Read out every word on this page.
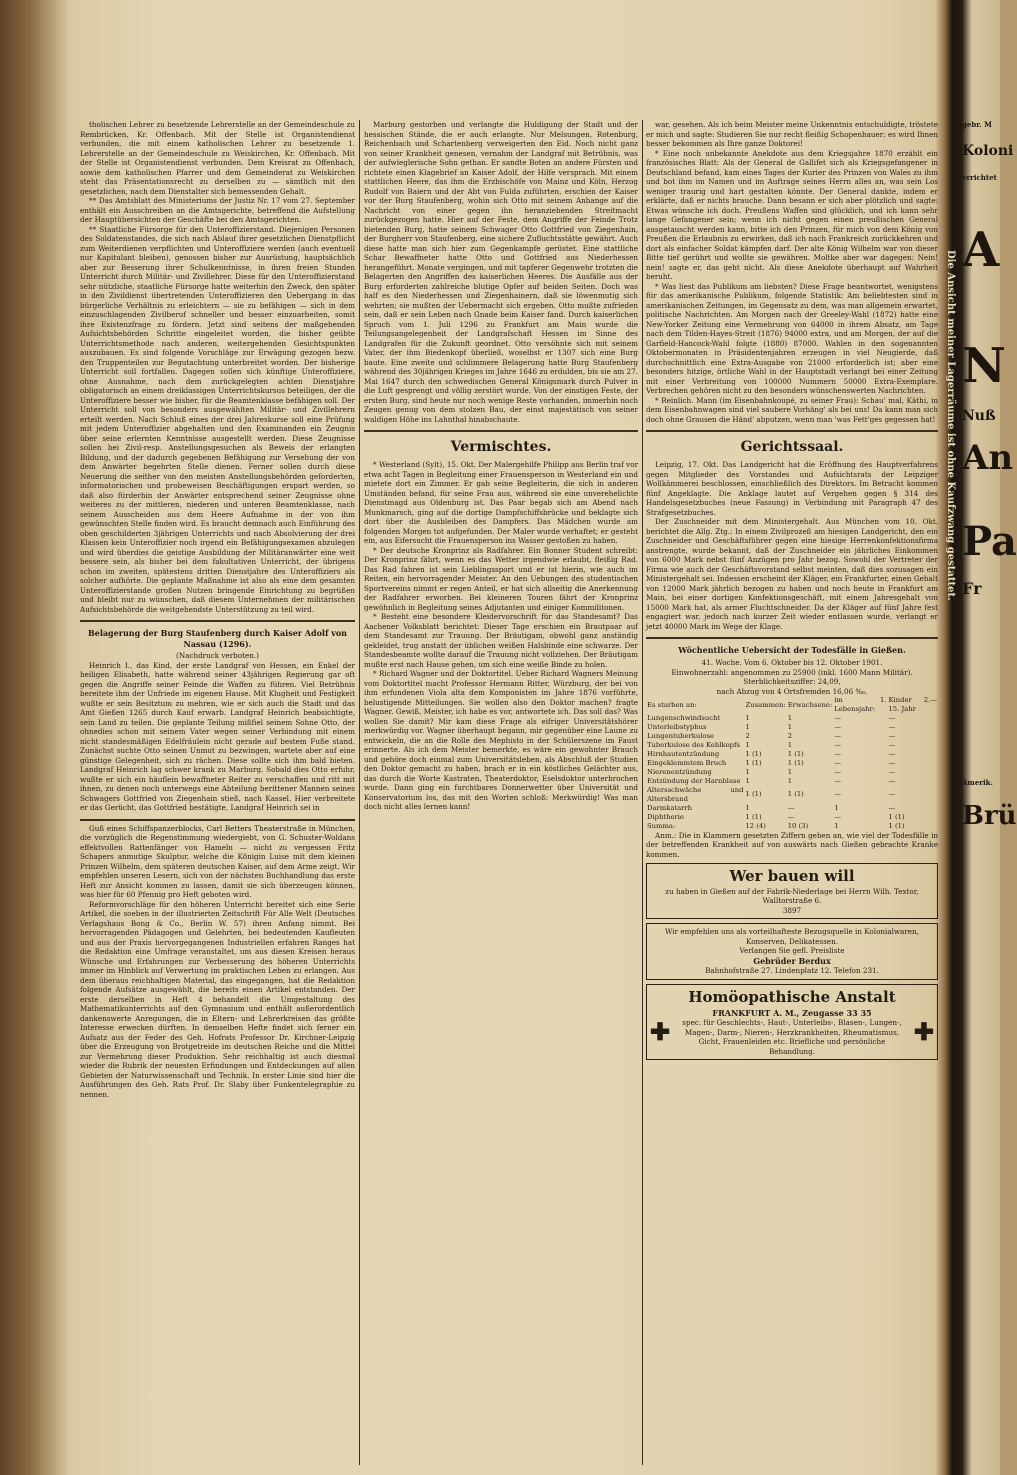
tholischen Lehrer zu besetzende Lehrerstelle an der Gemeindeschule zu Rembrücken, Kr. Offenbach. Mit der Stelle ist Organistendienst verbunden, die mit einem katholischen Lehrer zu besetzende 1. Lehrerstelle an der Gemeindeschule zu Weiskirchen, Kr. Offenbach. Mit der Stelle ist Organistendienst verbunden. Dem Kreisrat zu Offenbach, sowie dem katholischen Pfarrer und dem Gemeinderat zu Weiskirchen steht das Präsentationsrecht zu derselben zu — sämtlich mit den gesetzlichen, nach dem Dienstalter sich bemessenden Gehalt.

** Das Amtsblatt des Ministeriums der Justiz Nr. 17 vom 27. September enthält ein Ausschreiben an die Amtsgerichte, betreffend die Aufstellung der Hauptübersichten der Geschäfte bei den Amtsgerichten.

** Staatliche Fürsorge für den Unteroffizierstand. Diejenigen Personen des Soldatenstandes, die sich nach Ablauf ihrer gesetzlichen Dienstpflicht zum Weiterdienen verpflichten und Unteroffiziere werden (auch eventuell nur Kapitulant bleiben), genossen bisher zur Ausrüstung, hauptsächlich aber zur Besserung ihrer Schulkenntnisse, in ihren freien Stunden Unterricht durch Militär- und Zivillehrer. Diese für den Unteroffizierstand sehr nützliche, staatliche Fürsorge hatte weiterhin den Zweck, den später in den Zivildienst übertretenden Unteroffizieren den Uebergang in das bürgerliche Verhältnis zu erleichtern — sie zu befähigen — sich in dem einzuschlagenden Zivilberuf schneller und besser einzuarbeiten, somit ihre Existenzfrage zu fördern. Jetzt sind seitens der maßgebenden Aufsichtsbehörden Schritte eingeleitet worden, die bisher geübte Unterrichtsmethode nach anderen, weitergehenden Gesichtspunkten auszubauen. Es sind folgende Vorschläge zur Erwägung gezogen bezw. den Truppenteilen zur Begutachtung unterbreitet worden. Der bisherige Unterricht soll fortfallen. Dagegen sollen sich künftige Unteroffiziere, ohne Ausnahme, nach dem zurückgelegten achten Dienstjahre obligatorisch an einem dreiklassigen Unterrichtskursus beteiligen, der die Unteroffiziere besser wie bisher, für die Beamtenklasse befähigen soll. Der Unterricht soll von besonders ausgewählten Militär- und Zivillehrern erteilt werden. Nach Schluß eines der drei Jahreskurse soll eine Prüfung mit jedem Unteroffizier abgehalten und den Examinanden ein Zeugnis über seine erlernten Kenntnisse ausgestellt werden. Diese Zeugnisse sollen bei Zivil-resp. Anstellungsgesuchen als Beweis der erlangten Bildung, und der dadurch gegebenen Befähigung zur Versehung der von dem Anwärter begehrten Stelle dienen. Ferner sollen durch diese Neuerung die seither von den meisten Anstellungsbehörden geforderten, informatorischen und probeweisen Beschäftigungen erspart werden, so daß also fürderhin der Anwärter entsprechend seiner Zeugnisse ohne weiteres zu der mittleren, niederen und unteren Beamtenklasse, nach seinem Ausscheiden aus dem Heere Aufnahme in der von ihm gewünschten Stelle finden wird. Es braucht demnach auch Einführung des oben geschilderten 3jährigen Unterrichts und nach Absolvierung der drei Klassen kein Unteroffizier noch irgend ein Befähigungsexamen abzulegen und wird überdies die geistige Ausbildung der Militäranwärter eine weit bessere sein, als bisher bei dem fakultativen Unterricht, der übrigens schon im zweiten, spätestens dritten Dienstjahre des Unteroffiziers als solcher aufhörte. Die geplante Maßnahme ist also als eine dem gesamten Unteroffizierstande großen Nutzen bringende Einrichtung zu begrüßen und bleibt nur zu wünschen, daß diesem Unternehmen der militärischen Aufsichtsbehörde die weitgehendste Unterstützung zu teil wird.

Belagerung der Burg Staufenberg durch Kaiser Adolf von Nassau (1296).

(Nachdruck verboten.)

Heinrich I., das Kind, der erste Landgraf von Hessen, ein Enkel der heiligen Elisabeth, hatte während seiner 43jährigen Regierung gar oft gegen die Angriffe seiner Feinde die Waffen zu führen. Viel Betrübnis bereitete ihm der Unfriede im eigenen Hause. Mit Klugheit und Festigkeit wußte er sein Besitztum zu mehren, wie er sich auch die Stadt und das Amt Gießen 1265 durch Kauf erwarb. Landgraf Heinrich beabsichtigte, sein Land zu teilen. Die geplante Teilung mißfiel seinem Sohne Otto, der ohnedies schon mit seinem Vater wegen seiner Verbindung mit einem nicht standesmäßigen Edelfräulein nicht gerade auf bestem Fuße stand. Zunächst suchte Otto seinen Unmut zu bezwingen, wartete aber auf eine günstige Gelegenheit, sich zu rächen. Diese sollte sich ihm bald bieten. Landgraf Heinrich lag schwer krank zu Marburg. Sobald dies Otto erfuhr, wußte er sich ein häuflein bewaffneter Reiter zu verschaffen und ritt mit ihnen, zu denen noch unterwegs eine Abteilung berittener Mannen seines Schwagers Gottfried von Ziegenhain stieß, nach Kassel. Hier verbreitete er das Gerücht, das Gottfried bestätigte, Landgraf Heinrich sei in

Guß eines Schiffspanzerblocks, Carl Betters Theaterstraße in München, die vorzüglich die Regenstimmung wiedergiebt, von G. Schuster-Woldans effektvollen Rattenfänger von Hameln — nicht zu vergessen Fritz Schapers anmutige Skulptur, welche die Königin Luise mit dem kleinen Prinzen Wilhelm, dem späteren deutschen Kaiser, auf dem Arme zeigt. Wir empfehlen unseren Lesern, sich von der nächsten Buchhandlung das erste Heft zur Ansicht kommen zu lassen, damit sie sich überzeugen können, was hier für 60 Pfennig pro Heft geboten wird.

Reformvorschläge für den höheren Unterricht bereitet sich eine Serie Artikel, die soeben in der illustrierten Zeitschrift Für Alle Welt (Deutsches Verlagshaus Bong & Co., Berlin W. 57) ihren Anfang nimmt. Bei hervorragenden Pädagogen und Gelehrten, bei bedeutenden Kaufleuten und aus der Praxis hervorgegangenen Industriellen erfahren Ranges hat die Redaktion eine Umfrage veranstaltet, um aus diesen Kreisen heraus Wünsche und Erfahrungen zur Verbesserung des höheren Unterrichts immer im Hinblick auf Verwertung im praktischen Leben zu erlangen. Aus dem überaus reichhaltigen Material, das eingegangen, hat die Redaktion folgende Aufsätze ausgewählt, die bereits einen Artikel entstanden. Der erste derselben in Heft 4 behandelt die Umgestaltung des Mathematikunterrichts auf den Gymnasium und enthält außerordentlich dankenswerte Anregungen, die in Eltern- und Lehrerkreisen das größte Interesse erwecken dürften. In demselben Hefte findet sich ferner ein Aufsatz aus der Feder des Geh. Hofrats Professor Dr. Kirchner-Leipzig über die Erzeugung von Brotgetreide im deutschen Reiche und die Mittel zur Vermehrung dieser Produktion. Sehr reichhaltig ist auch diesmal wieder die Rubrik der neuesten Erfindungen und Entdeckungen auf allen Gebieten der Naturwissenschaft und Technik. In erster Linie sind hier die Ausführungen des Geh. Rats Prof. Dr. Slaby über Funkentelegraphie zu nennen.

Marburg gestorben und verlangte die Huldigung der Stadt und der hessischen Stände, die er auch erlangte. Nur Melsungen, Rotenburg, Reichenbach und Schartenberg verweigerten den Eid. Noch nicht ganz von seiner Krankheit genesen, vernahm der Landgraf mit Betrübnis, was der aufwieglerische Sohn gethan. Er sandte Boten an andere Fürsten und richtete einen Klagebrief an Kaiser Adolf, der Hilfe versprach. Mit einem stattlichen Heere, das ihm die Erzbischöfe von Mainz und Köln, Herzog Rudolf von Baiern und der Abt von Fulda zuführten, erschien der Kaiser vor der Burg Staufenberg, wohin sich Otto mit seinem Anhange auf die Nachricht von einer gegen ihn heranziehenden Streitmacht zurückgezogen hatte. Hier auf der Feste, dem Angriffe der Feinde Trotz bietenden Burg, hatte seinem Schwager Otto Gottfried von Ziegenhain, der Burgherr von Staufenberg, eine sichere Zufluchtsstätte gewährt. Auch diese hatte man sich hier zum Gegenkampfe gerüstet. Eine stattliche Schar Bewaffneter hatte Otto und Gottfried aus Niederhessen herangeführt. Monate vergingen, und mit tapferer Gegenwehr trotzten die Belagerten den Angriffen des kaiserlichen Heeres. Die Ausfälle aus der Burg erforderten zahlreiche blutige Opfer auf beiden Seiten. Doch was half es den Niederhessen und Ziegenhainern, daß sie löwenmutig sich wehrten; sie mußten der Uebermacht sich ergeben. Otto mußte zufrieden sein, daß er sein Leben nach Gnade beim Kaiser fand. Durch kaiserlichen Spruch vom 1. Juli 1296 zu Frankfurt am Main wurde die Teilungsangelegenheit der Landgrafschaft Hessen im Sinne des Landgrafen für die Zukunft geordnet. Otto versöhnte sich mit seinem Vater, der ihm Biedenkopf überließ, woselbst er 1307 sich eine Burg baute. Eine zweite und schlimmere Belagerung hatte Burg Staufenberg während des 30jährigen Krieges im Jahre 1646 zu erdulden, bis sie am 27. Mai 1647 durch den schwedischen General Königsmark durch Pulver in die Luft gesprengt und völlig zerstört wurde. Von der einstigen Feste, der ersten Burg, sind heute nur noch wenige Reste vorhanden, immerhin noch Zeugen genug von dem stolzen Bau, der einst majestätisch von seiner waldigen Höhe ins Lahnthal hinabschaute.

Vermischtes.

* Westerland (Sylt), 15. Okt. Der Malergehilfe Philipp aus Berlin traf vor etwa acht Tagen in Begleitung einer Frauensperson in Westerland ein und mietete dort ein Zimmer. Er gab seine Begleiterin, die sich in anderen Umständen befand, für seine Frau aus, während sie eine unverehelichte Dienstmagd aus Oldenburg ist. Das Paar begab sich am Abend nach Munkmarsch, ging auf die dortige Dampfschiffsbrücke und beklagte sich dort über die Ausbleiben des Dampfers. Das Mädchen wurde am folgenden Morgen tot aufgefunden. Der Maler wurde verhaftet; er gesteht ein, aus Eifersucht die Frauensperson ins Wasser gestoßen zu haben.

* Der deutsche Kronprinz als Radfahrer. Ein Bonner Student schreibt: Der Kronprinz fährt, wenn es das Wetter irgendwie erlaubt, fleißig Rad. Das Rad fahren ist sein Lieblingssport und er ist hierin, wie auch im Reiten, ein hervorragender Meister. An den Uebungen des studentischen Sportvereins nimmt er regen Anteil, er hat sich allseitig die Anerkennung der Radfahrer erworben. Bei kleineren Touren fährt der Kronprinz gewöhnlich in Begleitung seines Adjutanten und einiger Kommilitonen.

* Besteht eine besondere Kleidervorschrift für das Standesamt? Das Aachener Volksblatt berichtet: Dieser Tage erschien ein Brautpaar auf dem Standesamt zur Trauung. Der Bräutigam, obwohl ganz anständig gekleidet, trug anstatt der üblichen weißen Halsbinde eine schwarze. Der Standesbeamte wollte darauf die Trauung nicht vollziehen. Der Bräutigam mußte erst nach Hause gehen, um sich eine weiße Binde zu holen.

* Richard Wagner und der Doktortitel. Ueber Richard Wagners Meinung vom Doktortitel macht Professor Hermann Ritter, Würzburg, der bei von ihm erfundenen Viola alta dem Komponisten im Jahre 1876 vorführte, belustigende Mitteilungen. Sie wollen also den Doktor machen? fragte Wagner. Gewiß, Meister, ich habe es vor, antwortete ich. Das soll das? Was wollen Sie damit? Mir kam diese Frage als eifriger Universitätshörer merkwürdig vor. Wagner überhaupt begann, mir gegenüber eine Laune zu entwickeln, die an die Rolle des Mephisto in der Schülerszene im Faust erinnerte. Als ich dem Meister bemerkte, es wäre ein gewohnter Brauch und gehöre doch einmal zum Universitätsleben, als Abschluß der Studien den Doktor gemacht zu haben, brach er in ein köstliches Gelächter aus, das durch die Worte Kastraten, Theaterdoktor, Eselsdoktor unterbrochen wurde. Dann ging ein furchtbares Donnerwetter über Universität und Konservatorium los, das mit den Worten schloß: Merkwürdig! Was man doch nicht alles lernen kann!

war, gesehen. Als ich beim Meister meine Unkenntnis entschuldigte, tröstete er mich und sagte: Studieren Sie nur recht fleißig Schopenhauer; es wird Ihnen besser bekommen als Ihre ganze Doktorei!

* Eine noch unbekannte Anekdote aus dem Kriegsjahre 1870 erzählt ein französisches Blatt: Als der General de Gallifet sich als Kriegsgefangener in Deutschland befand, kam eines Tages der Kurier des Prinzen von Wales zu ihm und bot ihm im Namen und im Auftrage seines Herrn alles an, was sein Los weniger traurig und hart gestalten könnte. Der General dankte, indem er erklärte, daß er nichts brauche. Dann besann er sich aber plötzlich und sagte: Etwas wünsche ich doch. Preußens Waffen sind glücklich, und ich kann sehr lange Gefangener sein; wenn ich nicht gegen einen preußischen General ausgetauscht werden kann, bitte ich den Prinzen, für mich von dem König von Preußen die Erlaubnis zu erwirken, daß ich nach Frankreich zurückkehren und dort als einfacher Soldat kämpfen darf. Der alte König Wilhelm war von dieser Bitte tief gerührt und wollte sie gewähren. Moltke aber war dagegen: Nein! nein! sagte er, das geht nicht. Als diese Anekdote überhaupt auf Wahrheit beruht.

* Was liest das Publikum am liebsten? Diese Frage beantwortet, wenigstens für das amerikanische Publikum, folgende Statistik: Am beliebtesten sind in amerikanischen Zeitungen, im Gegensatz zu dem, was man allgemein erwartet, politische Nachrichten. Am Morgen nach der Greeley-Wahl (1872) hatte eine New-Yorker Zeitung eine Vermehrung von 64000 in ihrem Absatz, am Tage nach dem Tilden-Hayes-Streit (1876) 94000 extra, und am Morgen, der auf die Garfield-Hancock-Wahl folgte (1880) 87000. Wahlen in den sogenannten Oktobermonaten in Präsidentenjahren erzeugen in viel Neugierde, daß durchschnittlich eine Extra-Ausgabe von 21000 erforderlich ist; aber eine besonders hitzige, örtliche Wahl in der Hauptstadt verlangt bei einer Zeitung mit einer Verbreitung von 100000 Nummern 50000 Extra-Exemplare. Verbrechen gehören nicht zu den besonders wünschenswerten Nachrichten.

* Reinlich. Mann (im Eisenbahnkoupé, zu seiner Frau): Schau' mal, Käthi, in dem Eisenbahnwagen sind viel saubere Vorhäng' als bei uns! Da kann man sich doch ohne Grausen die Händ' abputzen, wenn man 'was Fett'ges gegessen hat!

Gerichtssaal.

Leipzig, 17. Okt. Das Landgericht hat die Eröffnung des Hauptverfahrens gegen Mitglieder des Vorstandes und Aufsichtsrats der Leipziger Wollkämmerei beschlossen, einschließlich des Direktors. Im Betracht kommen fünf Angeklagte. Die Anklage lautet auf Vergehen gegen § 314 des Handelsgesetzbuches (neue Fassung) in Verbindung mit Paragraph 47 des Strafgesetzbuches.

Der Zuschneider mit dem Ministergehalt. Aus München vom 10. Okt. berichtet die Allg. Ztg.: In einem Zivilprozeß am hiesigen Landgericht, den ein Zuschneider und Geschäftsführer gegen eine hiesige Herrenkonfektionsfirma anstrengte, wurde bekannt, daß der Zuschneider ein jährliches Einkommen von 6000 Mark nebst fünf Anzügen pro Jahr bezog. Sowohl der Vertreter der Firma wie auch der Geschäftsvorstand selbst meinten, daß dies sozusagen ein Ministergehalt sei. Indessen erscheint der Kläger, ein Frankfurter, einen Gehalt von 12000 Mark jährlich bezogen zu haben und noch heute in Frankfurt am Main, bei einer dortigen Konfektionsgeschäft, mit einem Jahresgehalt von 15000 Mark hat, als armer Fluchtschneider. Da der Kläger auf fünf Jahre fest engagiert war, jedoch nach kurzer Zeit wieder entlassen wurde, verlangt er jetzt 40000 Mark im Wege der Klage.

Wöchentliche Uebersicht der Todesfälle in Gießen.

41. Woche. Vom 6. Oktober bis 12. Oktober 1901.

Einwohnerzahl: angenommen zu 25900 (inkl. 1600 Mann Militär). Sterblichkeitsziffer: 24,09,

nach Abzug von 4 Ortsfremden 16,06 ‰.

Es starben an:	Zusammen:	Erwachsene:	im 1. Lebensjahr:	Kinder 2.—15. Jahr
Lungenschwindsucht	1	1	—	—
Unterleibstyphus	1	1	—	—
Lungentuberkulose	2	2	—	—
Tuberkulose des Kehlkopfs	1	1	—	—
Hirnhautentzündung	1 (1)	1 (1)	—	—
Eingeklemmtem Bruch	1 (1)	1 (1)	—	—
Nierenentzündung	1	1	—	—
Entzündung der Harnblase	1	1	—	—
Altersschwäche und Altersbrand	1 (1)	1 (1)	—	—
Darmkatarrh	1	—	1	—
Diphtherie	1 (1)	—	—	1 (1)
Summa:	12 (4)	10 (3)	1	1 (1)

Anm.: Die in Klammern gesetzten Ziffern geben an, wie viel der Todesfälle in der betreffenden Krankheit auf von auswärts nach Gießen gebrachte Kranke kommen.

Wer bauen will
zu haben in Gießen auf der Fabrik-Niederlage bei Herrn Wilh. Textor, Walltorstraße 6.
3897
Wir empfehlen uns als vorteilhafteste Bezugsquelle in Kolonialwaren, Konserven, Delikatessen.
Verlangen Sie gefl. Preisliste
Gebrüder Berdux
Bahnhofstraße 27. Lindenplatz 12. Telefon 231.
Homöopathische Anstalt
✚
FRANKFURT A. M., Zeugasse 33 35
spec. für Geschlechts-, Haut-, Unterleibs-, Blasen-, Lungen-, Magen-, Darm-, Nieren-, Herzkrankheiten, Rheumatismus, Gicht, Frauenleiden etc. Briefliche und persönliche Behandlung.
✚
Die Ansicht meiner Lagerräume ist ohne Kaufzwang gestattet.
gebr. M
Koloni
errichtet
A
N
Nuß
An
Pa
Fr
Amerik.
Brü
